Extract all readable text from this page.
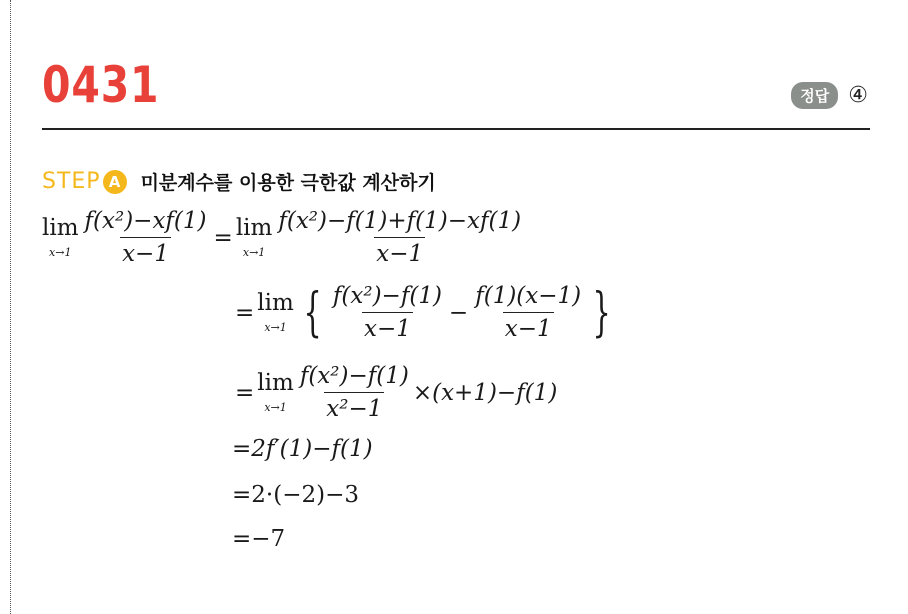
0431	정답 ④
STEP A	미분계수를 이용한 극한값 계산하기
lim
$x\to 1 \frac{\text{f(x²)−xf(1)}}{x-1} = \lim$
$x\to 1 \frac{\text{f(x²)−f(1)+f(1)−xf(1)}}{x-1}$
= lim
x→1 { $\frac{\text{f(x²)−f(1)}}{x-1} - \frac{f(1)(x-1)}{x-1}$ }
= lim
$x\to 1 \frac{\text{f(x²)−f(1)}}{\text{x²−1}} \times(x+1)-f(1)$
=2f′(1)−f(1)
=2·(−2)−3
=−7
